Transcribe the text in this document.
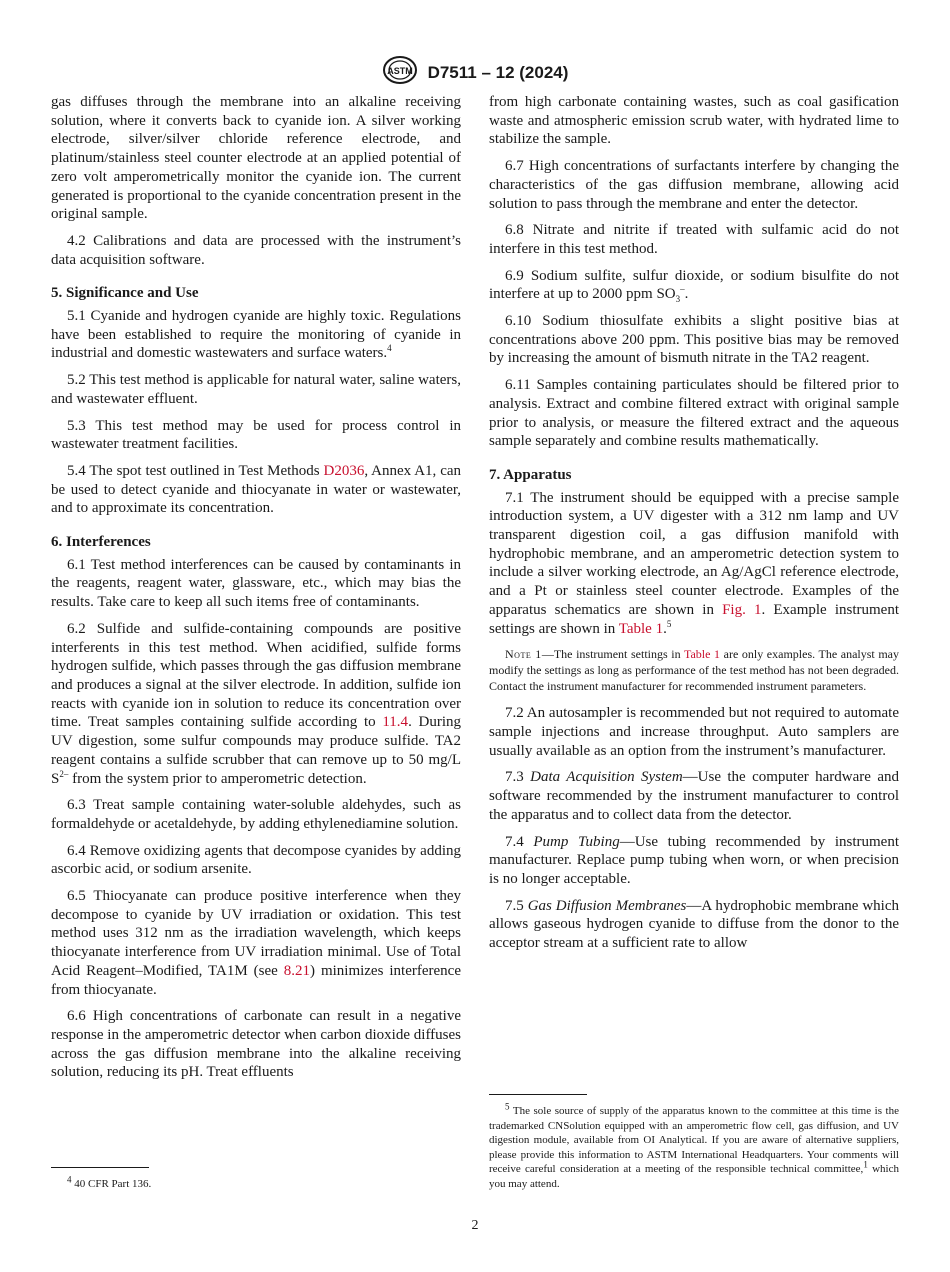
ASTM D7511 – 12 (2024)

gas diffuses through the membrane into an alkaline receiving solution, where it converts back to cyanide ion. A silver working electrode, silver/silver chloride reference electrode, and platinum/stainless steel counter electrode at an applied potential of zero volt amperometrically monitor the cyanide ion. The current generated is proportional to the cyanide concentration present in the original sample.

4.2 Calibrations and data are processed with the instrument’s data acquisition software.

5. Significance and Use

5.1 Cyanide and hydrogen cyanide are highly toxic. Regulations have been established to require the monitoring of cyanide in industrial and domestic wastewaters and surface waters.$^4$

5.2 This test method is applicable for natural water, saline waters, and wastewater effluent.

5.3 This test method may be used for process control in wastewater treatment facilities.

5.4 The spot test outlined in Test Methods D2036, Annex A1, can be used to detect cyanide and thiocyanate in water or wastewater, and to approximate its concentration.

6. Interferences

6.1 Test method interferences can be caused by contaminants in the reagents, reagent water, glassware, etc., which may bias the results. Take care to keep all such items free of contaminants.

6.2 Sulfide and sulfide-containing compounds are positive interferents in this test method. When acidified, sulfide forms hydrogen sulfide, which passes through the gas diffusion membrane and produces a signal at the silver electrode. In addition, sulfide ion reacts with cyanide ion in solution to reduce its concentration over time. Treat samples containing sulfide according to 11.4. During UV digestion, some sulfur compounds may produce sulfide. TA2 reagent contains a sulfide scrubber that can remove up to 50 mg/L $S^{2-}$ from the system prior to amperometric detection.

6.3 Treat sample containing water-soluble aldehydes, such as formaldehyde or acetaldehyde, by adding ethylenediamine solution.

6.4 Remove oxidizing agents that decompose cyanides by adding ascorbic acid, or sodium arsenite.

6.5 Thiocyanate can produce positive interference when they decompose to cyanide by UV irradiation or oxidation. This test method uses 312 nm as the irradiation wavelength, which keeps thiocyanate interference from UV irradiation minimal. Use of Total Acid Reagent–Modified, TA1M (see 8.21) minimizes interference from thiocyanate.

6.6 High concentrations of carbonate can result in a negative response in the amperometric detector when carbon dioxide diffuses across the gas diffusion membrane into the alkaline receiving solution, reducing its pH. Treat effluents

from high carbonate containing wastes, such as coal gasification waste and atmospheric emission scrub water, with hydrated lime to stabilize the sample.

6.7 High concentrations of surfactants interfere by changing the characteristics of the gas diffusion membrane, allowing acid solution to pass through the membrane and enter the detector.

6.8 Nitrate and nitrite if treated with sulfamic acid do not interfere in this test method.

6.9 Sodium sulfite, sulfur dioxide, or sodium bisulfite do not interfere at up to 2000 ppm $SO_3^-$.

6.10 Sodium thiosulfate exhibits a slight positive bias at concentrations above 200 ppm. This positive bias may be removed by increasing the amount of bismuth nitrate in the TA2 reagent.

6.11 Samples containing particulates should be filtered prior to analysis. Extract and combine filtered extract with original sample prior to analysis, or measure the filtered extract and the aqueous sample separately and combine results mathematically.

7. Apparatus

7.1 The instrument should be equipped with a precise sample introduction system, a UV digester with a 312 nm lamp and UV transparent digestion coil, a gas diffusion manifold with hydrophobic membrane, and an amperometric detection system to include a silver working electrode, an Ag/AgCl reference electrode, and a Pt or stainless steel counter electrode. Examples of the apparatus schematics are shown in Fig. 1. Example instrument settings are shown in Table 1.$^5$

Note 1—The instrument settings in Table 1 are only examples. The analyst may modify the settings as long as performance of the test method has not been degraded. Contact the instrument manufacturer for recommended instrument parameters.

7.2 An autosampler is recommended but not required to automate sample injections and increase throughput. Auto samplers are usually available as an option from the instrument’s manufacturer.

7.3 Data Acquisition System—Use the computer hardware and software recommended by the instrument manufacturer to control the apparatus and to collect data from the detector.

7.4 Pump Tubing—Use tubing recommended by instrument manufacturer. Replace pump tubing when worn, or when precision is no longer acceptable.

7.5 Gas Diffusion Membranes—A hydrophobic membrane which allows gaseous hydrogen cyanide to diffuse from the donor to the acceptor stream at a sufficient rate to allow

$^4$ 40 CFR Part 136.
$^5$ The sole source of supply of the apparatus known to the committee at this time is the trademarked CNSolution equipped with an amperometric flow cell, gas diffusion, and UV digestion module, available from OI Analytical. If you are aware of alternative suppliers, please provide this information to ASTM International Headquarters. Your comments will receive careful consideration at a meeting of the responsible technical committee,$^1$ which you may attend.
2
